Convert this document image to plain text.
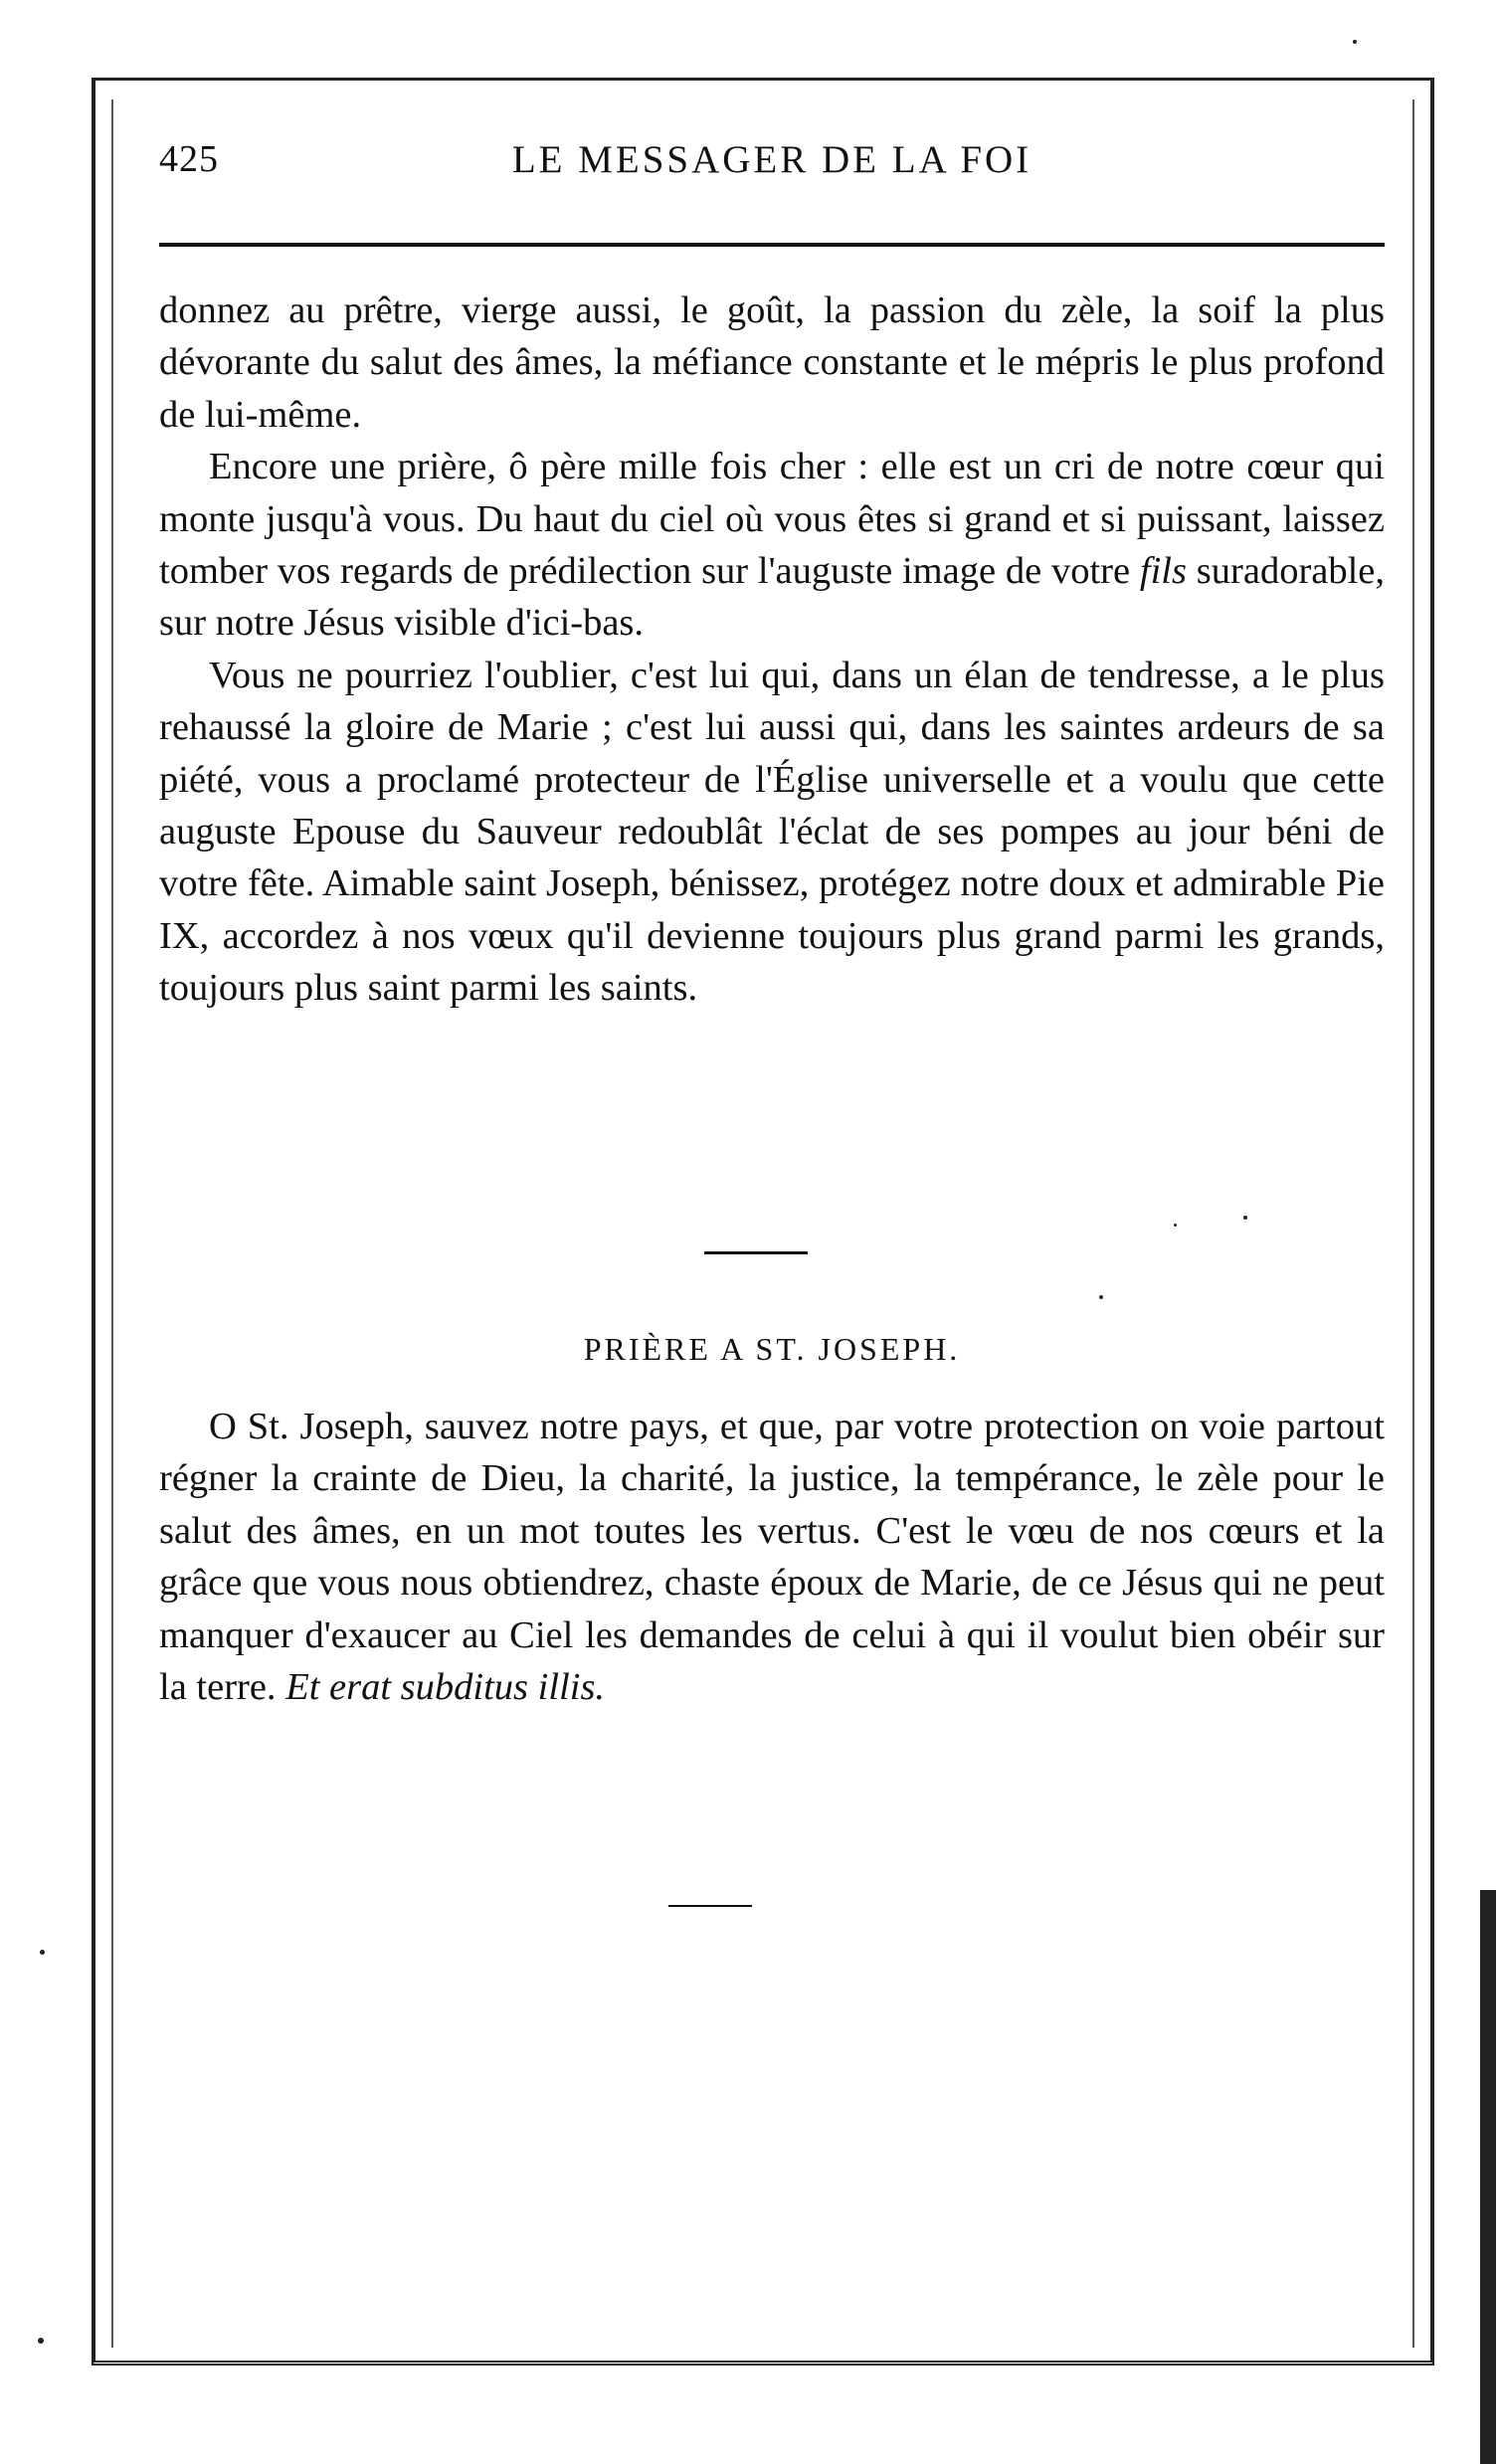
425	LE MESSAGER DE LA FOI

donnez au prêtre, vierge aussi, le goût, la passion du zèle, la soif la plus dévorante du salut des âmes, la méfiance constante et le mépris le plus profond de lui-même.

Encore une prière, ô père mille fois cher : elle est un cri de notre cœur qui monte jusqu'à vous. Du haut du ciel où vous êtes si grand et si puissant, laissez tomber vos regards de prédilection sur l'auguste image de votre fils suradorable, sur notre Jésus visible d'ici-bas.

Vous ne pourriez l'oublier, c'est lui qui, dans un élan de tendresse, a le plus rehaussé la gloire de Marie ; c'est lui aussi qui, dans les saintes ardeurs de sa piété, vous a proclamé protecteur de l'Église universelle et a voulu que cette auguste Epouse du Sauveur redoublât l'éclat de ses pompes au jour béni de votre fête. Aimable saint Joseph, bénissez, protégez notre doux et admirable Pie IX, accordez à nos vœux qu'il devienne toujours plus grand parmi les grands, toujours plus saint parmi les saints.

PRIÈRE A ST. JOSEPH.

O St. Joseph, sauvez notre pays, et que, par votre protection on voie partout régner la crainte de Dieu, la charité, la justice, la tempérance, le zèle pour le salut des âmes, en un mot toutes les vertus. C'est le vœu de nos cœurs et la grâce que vous nous obtiendrez, chaste époux de Marie, de ce Jésus qui ne peut manquer d'exaucer au Ciel les demandes de celui à qui il voulut bien obéir sur la terre. Et erat subditus illis.
